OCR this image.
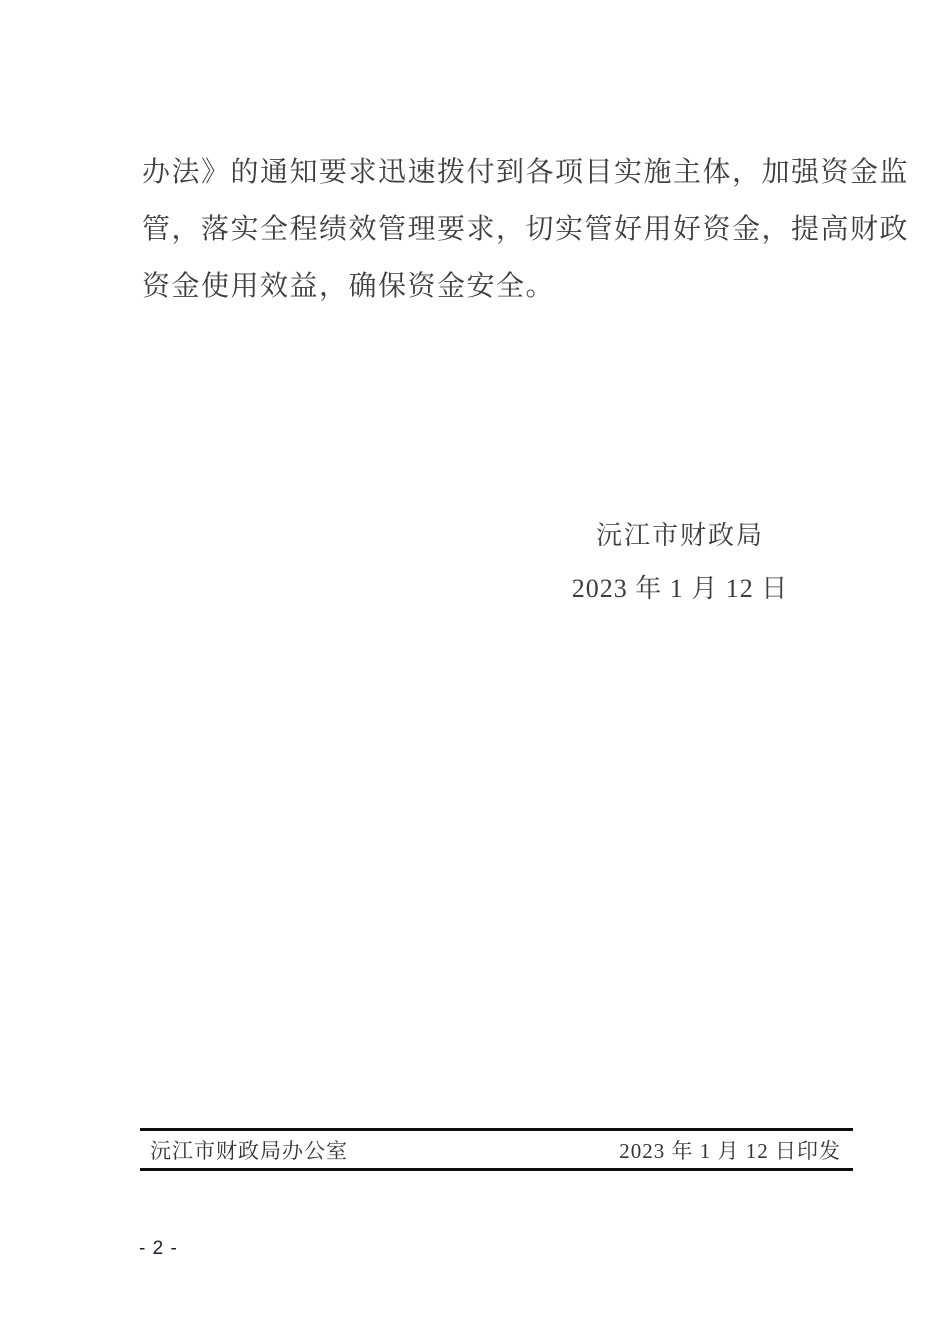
办法》的通知要求迅速拨付到各项目实施主体，加强资金监
管，落实全程绩效管理要求，切实管好用好资金，提高财政
资金使用效益，确保资金安全。
沅江市财政局
2023 年 1 月 12 日
沅江市财政局办公室	2023 年 1 月 12 日印发
- 2 -
